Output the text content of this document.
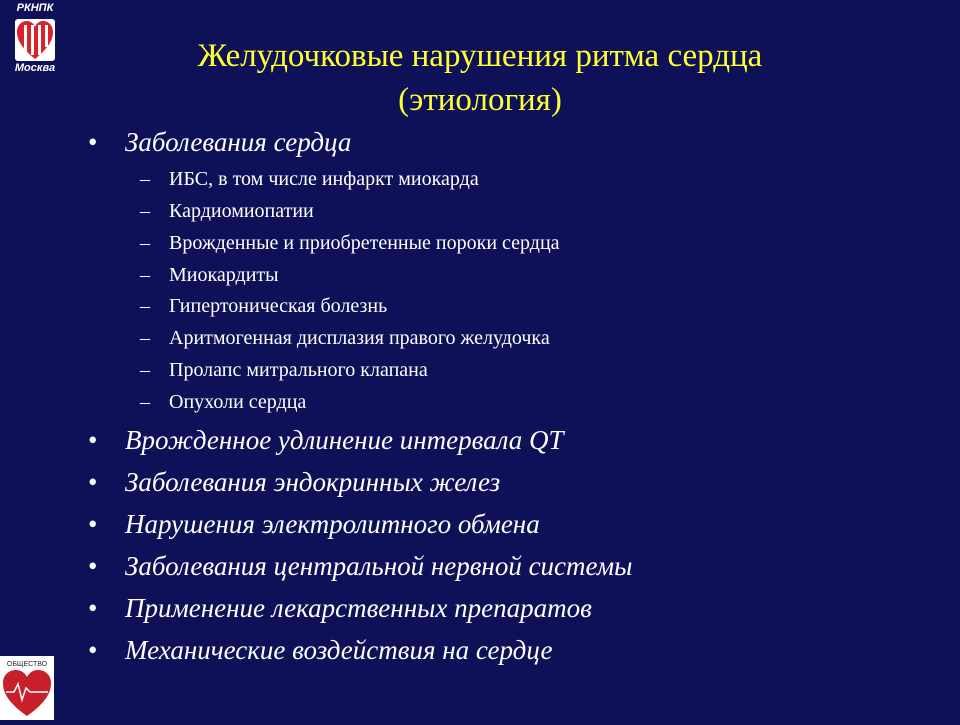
РКНПК
Москва	Желудочковые нарушения ритма сердца
(этиология)
• Заболевания сердца
– ИБС, в том числе инфаркт миокарда
– Кардиомиопатии
– Врожденные и приобретенные пороки сердца
– Миокардиты
– Гипертоническая болезнь
– Аритмогенная дисплазия правого желудочка
– Пролапс митрального клапана
– Опухоли сердца
• Врожденное удлинение интервала QT
• Заболевания эндокринных желез
• Нарушения электролитного обмена
• Заболевания центральной нервной системы
• Применение лекарственных препаратов
• Механические воздействия на сердце
ОБЩЕСТВО
